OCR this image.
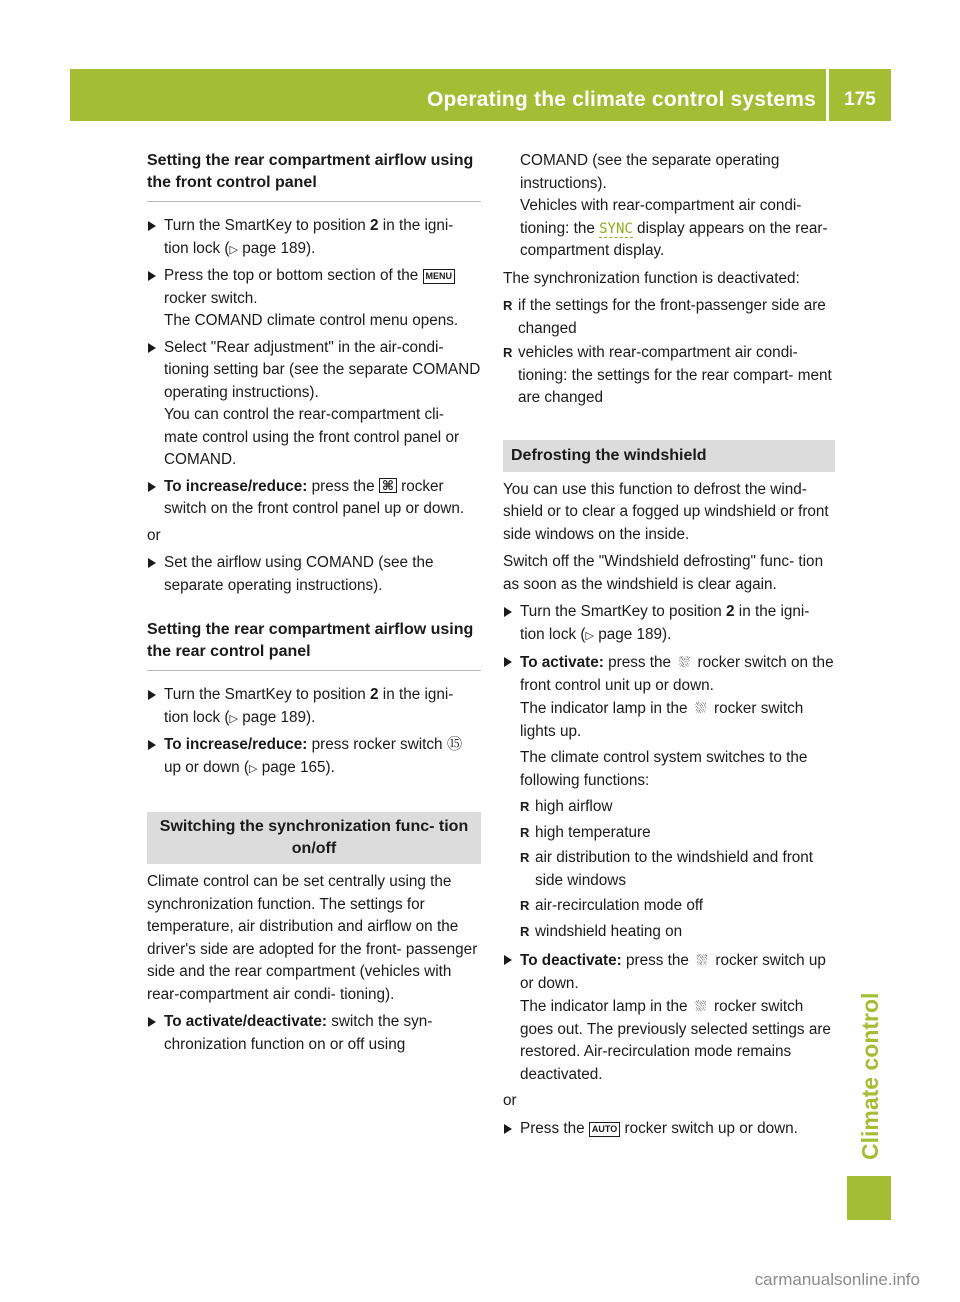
Operating the climate control systems	175
Climate control
Setting the rear compartment airflow using the front control panel
Turn the SmartKey to position 2 in the igni- tion lock (▷ page 189).
Press the top or bottom section of the MENU rocker switch.
The COMAND climate control menu opens.
Select "Rear adjustment" in the air-condi- tioning setting bar (see the separate COMAND operating instructions).
You can control the rear-compartment cli- mate control using the front control panel or COMAND.
To increase/reduce: press the ⌘ rocker switch on the front control panel up or down.
or
Set the airflow using COMAND (see the separate operating instructions).
Setting the rear compartment airflow using the rear control panel
Turn the SmartKey to position 2 in the igni- tion lock (▷ page 189).
To increase/reduce: press rocker switch ⑮ up or down (▷ page 165).
Switching the synchronization func- tion on/off
Climate control can be set centrally using the synchronization function. The settings for temperature, air distribution and airflow on the driver's side are adopted for the front- passenger side and the rear compartment (vehicles with rear-compartment air condi- tioning).
To activate/deactivate: switch the syn- chronization function on or off using
COMAND (see the separate operating instructions).
Vehicles with rear-compartment air condi- tioning: the SYNC display appears on the rear-compartment display.
The synchronization function is deactivated:
R if the settings for the front-passenger side are changed
R vehicles with rear-compartment air condi- tioning: the settings for the rear compart- ment are changed
Defrosting the windshield
You can use this function to defrost the wind- shield or to clear a fogged up windshield or front side windows on the inside.
Switch off the "Windshield defrosting" func- tion as soon as the windshield is clear again.
Turn the SmartKey to position 2 in the igni- tion lock (▷ page 189).
To activate: press the ⛆ rocker switch on the front control unit up or down.
The indicator lamp in the ⛆ rocker switch lights up.
The climate control system switches to the following functions:
R high airflow
R high temperature
R air distribution to the windshield and front side windows
R air-recirculation mode off
R windshield heating on
To deactivate: press the ⛆ rocker switch up or down.
The indicator lamp in the ⛆ rocker switch goes out. The previously selected settings are restored. Air-recirculation mode remains deactivated.
or
Press the AUTO rocker switch up or down.
carmanualsonline.info
